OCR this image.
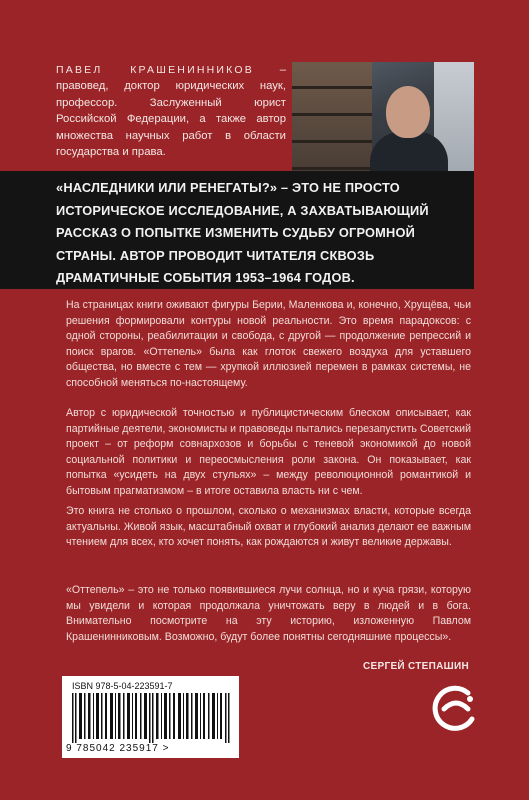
ПАВЕЛ КРАШЕНИННИКОВ – правовед, доктор юридических наук, профессор. Заслуженный юрист Российской Федерации, а также автор множества научных работ в области государства и права.
«НАСЛЕДНИКИ ИЛИ РЕНЕГАТЫ?» – ЭТО НЕ ПРОСТО ИСТОРИЧЕСКОЕ ИССЛЕДОВАНИЕ, А ЗАХВАТЫВАЮЩИЙ РАССКАЗ О ПОПЫТКЕ ИЗМЕНИТЬ СУДЬБУ ОГРОМНОЙ СТРАНЫ. АВТОР ПРОВОДИТ ЧИТАТЕЛЯ СКВОЗЬ ДРАМАТИЧНЫЕ СОБЫТИЯ 1953–1964 ГОДОВ.
На страницах книги оживают фигуры Берии, Маленкова и, конечно, Хрущёва, чьи решения формировали контуры новой реальности. Это время парадоксов: с одной стороны, реабилитации и свобода, с другой — продолжение репрессий и поиск врагов. «Оттепель» была как глоток свежего воздуха для уставшего общества, но вместе с тем — хрупкой иллюзией перемен в рамках системы, не способной меняться по-настоящему.
Автор с юридической точностью и публицистическим блеском описывает, как партийные деятели, экономисты и правоведы пытались перезапустить Советский проект – от реформ совнархозов и борьбы с теневой экономикой до новой социальной политики и переосмысления роли закона. Он показывает, как попытка «усидеть на двух стульях» – между революционной романтикой и бытовым прагматизмом – в итоге оставила власть ни с чем.
Это книга не столько о прошлом, сколько о механизмах власти, которые всегда актуальны. Живой язык, масштабный охват и глубокий анализ делают ее важным чтением для всех, кто хочет понять, как рождаются и живут великие державы.
«Оттепель» – это не только появившиеся лучи солнца, но и куча грязи, которую мы увидели и которая продолжала уничтожать веру в людей и в бога. Внимательно посмотрите на эту историю, изложенную Павлом Крашенинниковым. Возможно, будут более понятны сегодняшние процессы».
СЕРГЕЙ СТЕПАШИН
ISBN 978-5-04-223591-7
9 785042 235917 >
